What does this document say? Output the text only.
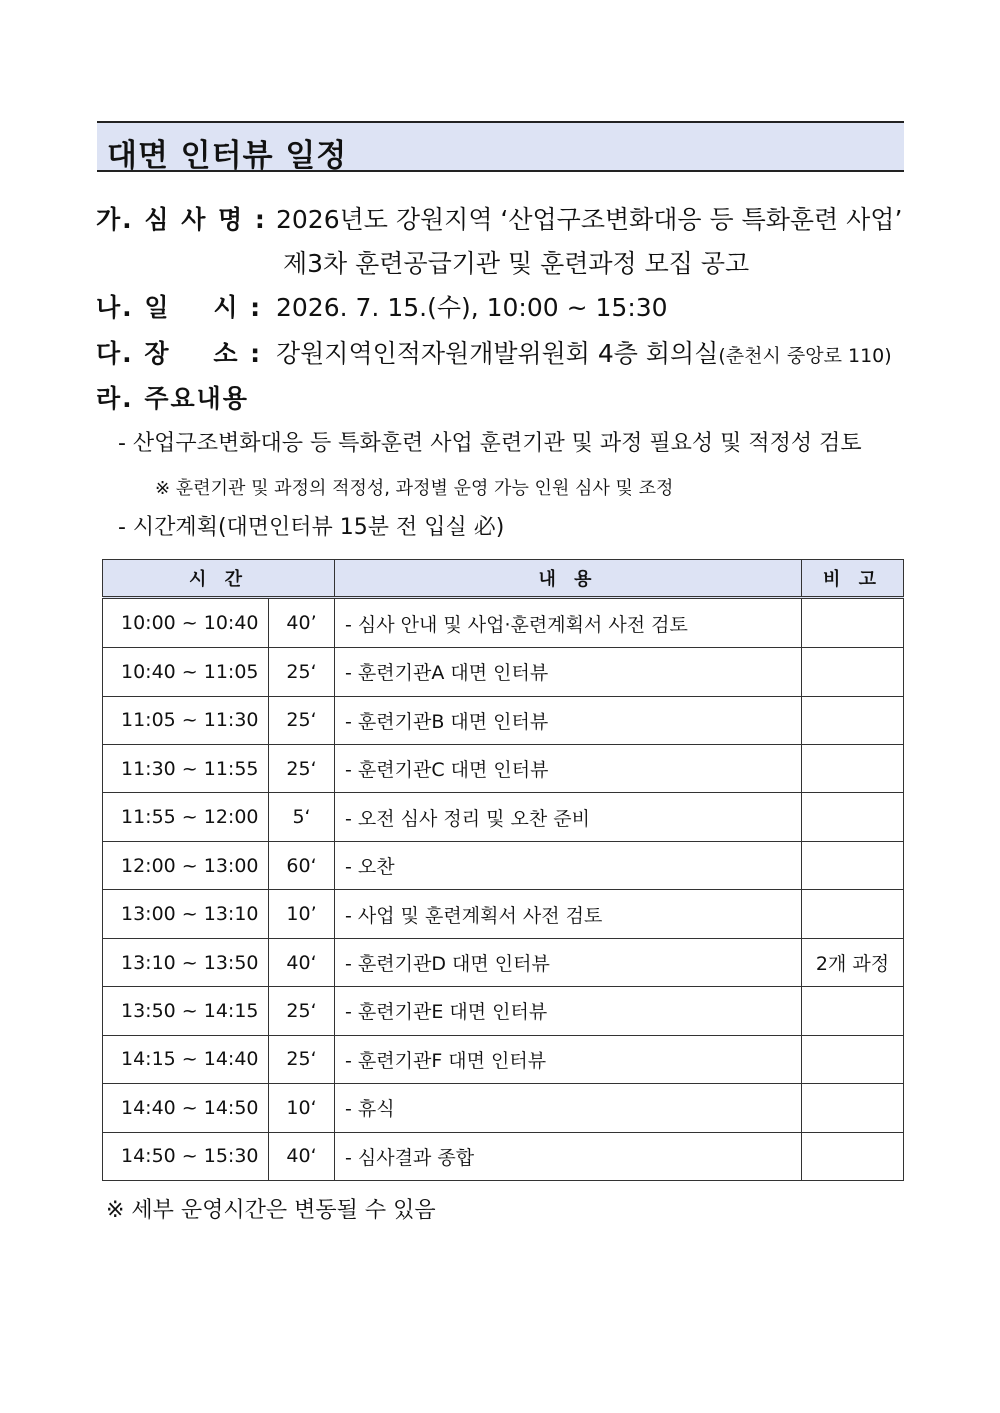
대면 인터뷰 일정
가. 심 사 명 : 2026년도 강원지역 ‘산업구조변화대응 등 특화훈련 사업’
제3차 훈련공급기관 및 훈련과정 모집 공고
나. 일    시 : 2026. 7. 15.(수), 10:00 ~ 15:30
다. 장    소 : 강원지역인적자원개발위원회 4층 회의실(춘천시 중앙로 110)
라. 주요내용
- 산업구조변화대응 등 특화훈련 사업 훈련기관 및 과정 필요성 및 적정성 검토
※ 훈련기관 및 과정의 적정성, 과정별 운영 가능 인원 심사 및 조정
- 시간계획(대면인터뷰 15분 전 입실 必)
시 간		내 용	비 고
10:00 ~ 10:40	40’	- 심사 안내 및 사업·훈련계획서 사전 검토	
10:40 ~ 11:05	25‘	- 훈련기관A 대면 인터뷰	
11:05 ~ 11:30	25‘	- 훈련기관B 대면 인터뷰	
11:30 ~ 11:55	25‘	- 훈련기관C 대면 인터뷰	
11:55 ~ 12:00	5‘	- 오전 심사 정리 및 오찬 준비	
12:00 ~ 13:00	60‘	- 오찬	
13:00 ~ 13:10	10’	- 사업 및 훈련계획서 사전 검토	
13:10 ~ 13:50	40‘	- 훈련기관D 대면 인터뷰	2개 과정
13:50 ~ 14:15	25‘	- 훈련기관E 대면 인터뷰	
14:15 ~ 14:40	25‘	- 훈련기관F 대면 인터뷰	
14:40 ~ 14:50	10‘	- 휴식	
14:50 ~ 15:30	40‘	- 심사결과 종합	
※ 세부 운영시간은 변동될 수 있음
